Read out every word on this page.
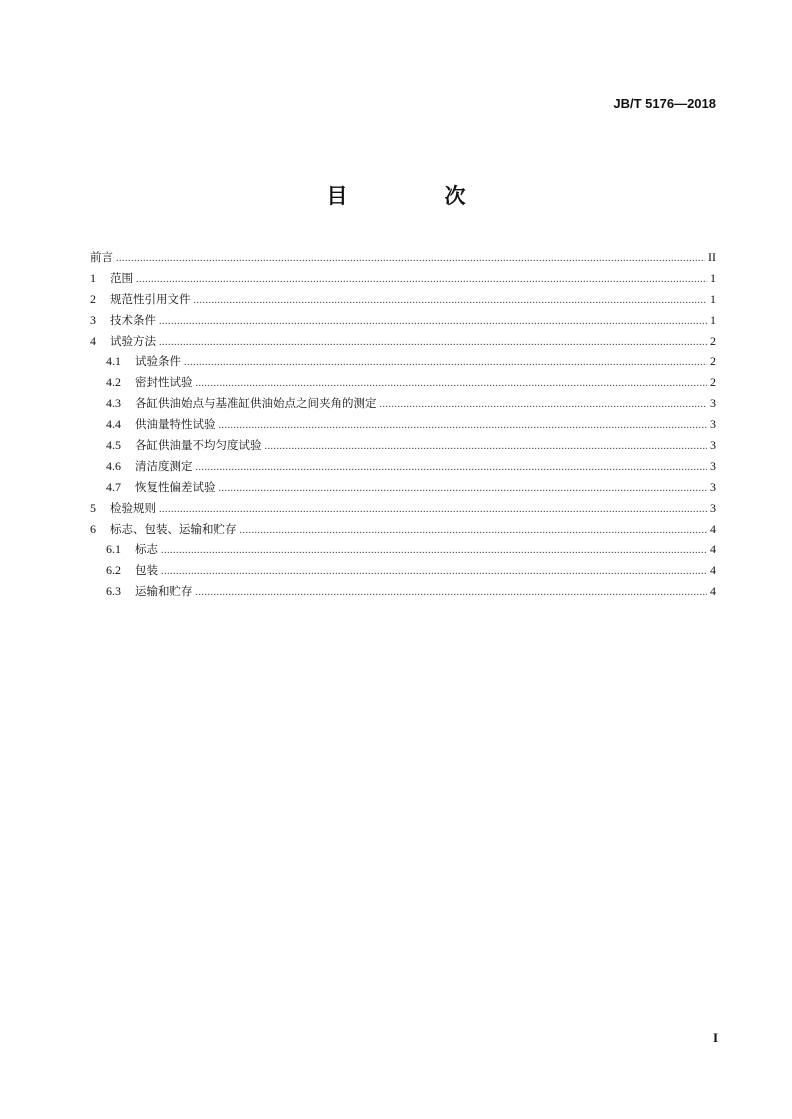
JB/T 5176—2018
目　次
前言 .....	II
1	范围 .....	1
2	规范性引用文件 .....	1
3	技术条件 .....	1
4	试验方法 .....	2
4.1	试验条件 .....	2
4.2	密封性试验 .....	2
4.3	各缸供油始点与基准缸供油始点之间夹角的测定 .....	3
4.4	供油量特性试验 .....	3
4.5	各缸供油量不均匀度试验 .....	3
4.6	清洁度测定 .....	3
4.7	恢复性偏差试验 .....	3
5	检验规则 .....	3
6	标志、包装、运输和贮存 .....	4
6.1	标志 .....	4
6.2	包装 .....	4
6.3	运输和贮存 .....	4
I
